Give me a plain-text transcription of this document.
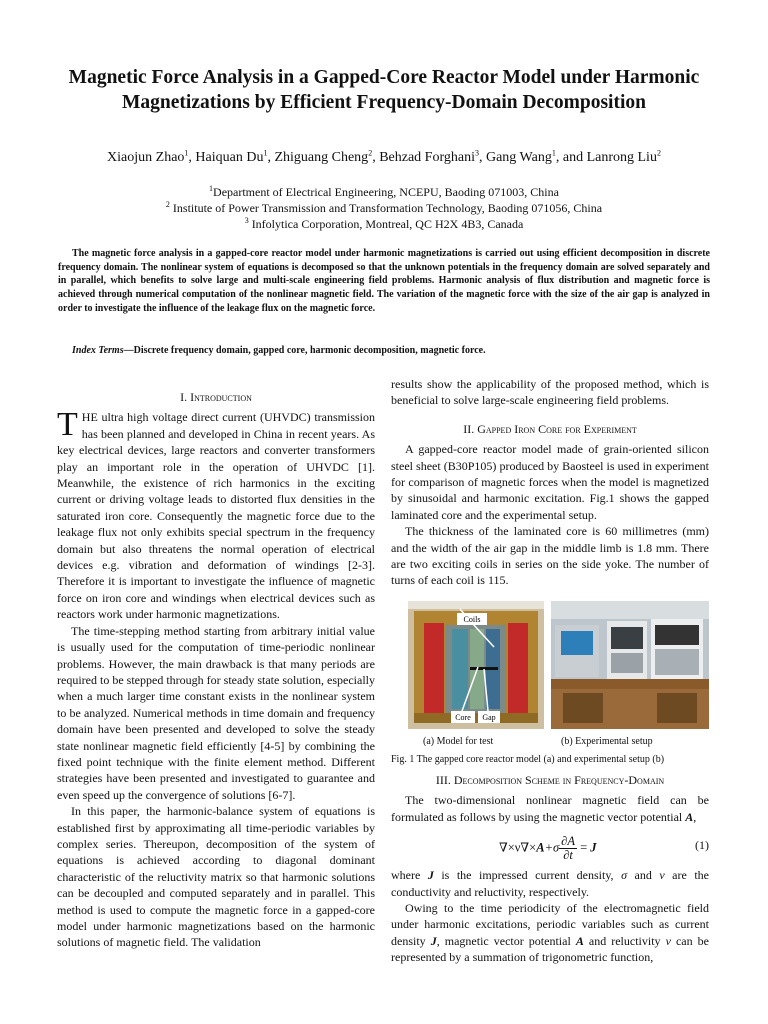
Magnetic Force Analysis in a Gapped-Core Reactor Model under Harmonic Magnetizations by Efficient Frequency-Domain Decomposition
Xiaojun Zhao$^1$, Haiquan Du$^1$, Zhiguang Cheng$^2$, Behzad Forghani$^3$, Gang Wang$^1$, and Lanrong Liu$^2$
$^1$Department of Electrical Engineering, NCEPU, Baoding 071003, China
$^2$ Institute of Power Transmission and Transformation Technology, Baoding 071056, China
$^3$ Infolytica Corporation, Montreal, QC H2X 4B3, Canada
The magnetic force analysis in a gapped-core reactor model under harmonic magnetizations is carried out using efficient decomposition in discrete frequency domain. The nonlinear system of equations is decomposed so that the unknown potentials in the frequency domain are solved separately and in parallel, which benefits to solve large and multi-scale engineering field problems. Harmonic analysis of flux distribution and magnetic force is achieved through numerical computation of the nonlinear magnetic field. The variation of the magnetic force with the size of the air gap is analyzed in order to investigate the influence of the leakage flux on the magnetic force.
Index Terms—Discrete frequency domain, gapped core, harmonic decomposition, magnetic force.

I. Introduction

THE ultra high voltage direct current (UHVDC) transmission has been planned and developed in China in recent years. As key electrical devices, large reactors and converter transformers play an important role in the operation of UHVDC [1]. Meanwhile, the existence of rich harmonics in the exciting current or driving voltage leads to distorted flux densities in the saturated iron core. Consequently the magnetic force due to the leakage flux not only exhibits special spectrum in the frequency domain but also threatens the normal operation of electrical devices e.g. vibration and deformation of windings [2-3]. Therefore it is important to investigate the influence of magnetic force on iron core and windings when electrical devices such as reactors work under harmonic magnetizations.

The time-stepping method starting from arbitrary initial value is usually used for the computation of time-periodic nonlinear problems. However, the main drawback is that many periods are required to be stepped through for steady state solution, especially when a much larger time constant exists in the nonlinear system to be analyzed. Numerical methods in time domain and frequency domain have been presented and developed to solve the steady state nonlinear magnetic field efficiently [4-5] by combining the fixed point technique with the finite element method. Different strategies have been presented and investigated to guarantee and even speed up the convergence of solutions [6-7].

In this paper, the harmonic-balance system of equations is established first by approximating all time-periodic variables by complex series. Thereupon, decomposition of the system of equations is achieved according to diagonal dominant characteristic of the reluctivity matrix so that harmonic solutions can be decoupled and computed separately and in parallel. This method is used to compute the magnetic force in a gapped-core model under harmonic magnetizations based on the harmonic solutions of magnetic field. The validation

results show the applicability of the proposed method, which is beneficial to solve large-scale engineering field problems.

II. Gapped Iron Core for Experiment

A gapped-core reactor model made of grain-oriented silicon steel sheet (B30P105) produced by Baosteel is used in experiment for comparison of magnetic forces when the model is magnetized by sinusoidal and harmonic excitation. Fig.1 shows the gapped laminated core and the experimental setup.

The thickness of the laminated core is 60 millimetres (mm) and the width of the air gap in the middle limb is 1.8 mm. There are two exciting coils in series on the side yoke. The number of turns of each coil is 115.

Coils
Core Gap
(a) Model for test	(b) Experimental setup
Fig. 1 The gapped core reactor model (a) and experimental setup (b)

III. Decomposition Scheme in Frequency-Domain

The two-dimensional nonlinear magnetic field can be formulated as follows by using the magnetic vector potential A,

$\nabla\times\nu\nabla\times A+\sigma \frac{\partial A}{\partial t} = J$	(1)

where J is the impressed current density, σ and ν are the conductivity and reluctivity, respectively.

Owing to the time periodicity of the electromagnetic field under harmonic excitations, periodic variables such as current density J, magnetic vector potential A and reluctivity ν can be represented by a summation of trigonometric function,
